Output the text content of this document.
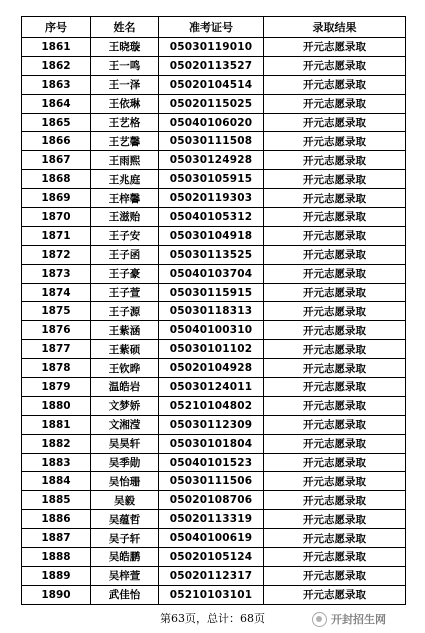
序号	姓名	准考证号	录取结果
1861	王晓璇	05030119010	开元志愿录取
1862	王一鸣	05020113527	开元志愿录取
1863	王一泽	05020104514	开元志愿录取
1864	王依琳	05020115025	开元志愿录取
1865	王艺格	05040106020	开元志愿录取
1866	王艺馨	05030111508	开元志愿录取
1867	王雨熙	05030124928	开元志愿录取
1868	王兆庭	05030105915	开元志愿录取
1869	王梓馨	05020119303	开元志愿录取
1870	王滋贻	05040105312	开元志愿录取
1871	王子安	05030104918	开元志愿录取
1872	王子函	05030113525	开元志愿录取
1873	王子豪	05040103704	开元志愿录取
1874	王子萱	05030115915	开元志愿录取
1875	王子源	05030118313	开元志愿录取
1876	王紫涵	05040100310	开元志愿录取
1877	王紫硕	05030101102	开元志愿录取
1878	王钦晔	05020104928	开元志愿录取
1879	温皓岩	05030124011	开元志愿录取
1880	文梦娇	05210104802	开元志愿录取
1881	文湘滢	05030112309	开元志愿录取
1882	吴昊轩	05030101804	开元志愿录取
1883	吴季勋	05040101523	开元志愿录取
1884	吴怡珊	05030111506	开元志愿录取
1885	吴毅	05020108706	开元志愿录取
1886	吴蕴哲	05020113319	开元志愿录取
1887	吴子轩	05040100619	开元志愿录取
1888	吴皓鹏	05020105124	开元志愿录取
1889	吴梓萱	05020112317	开元志愿录取
1890	武佳怡	05210103101	开元志愿录取
第63页，总计：68页	开封招生网
